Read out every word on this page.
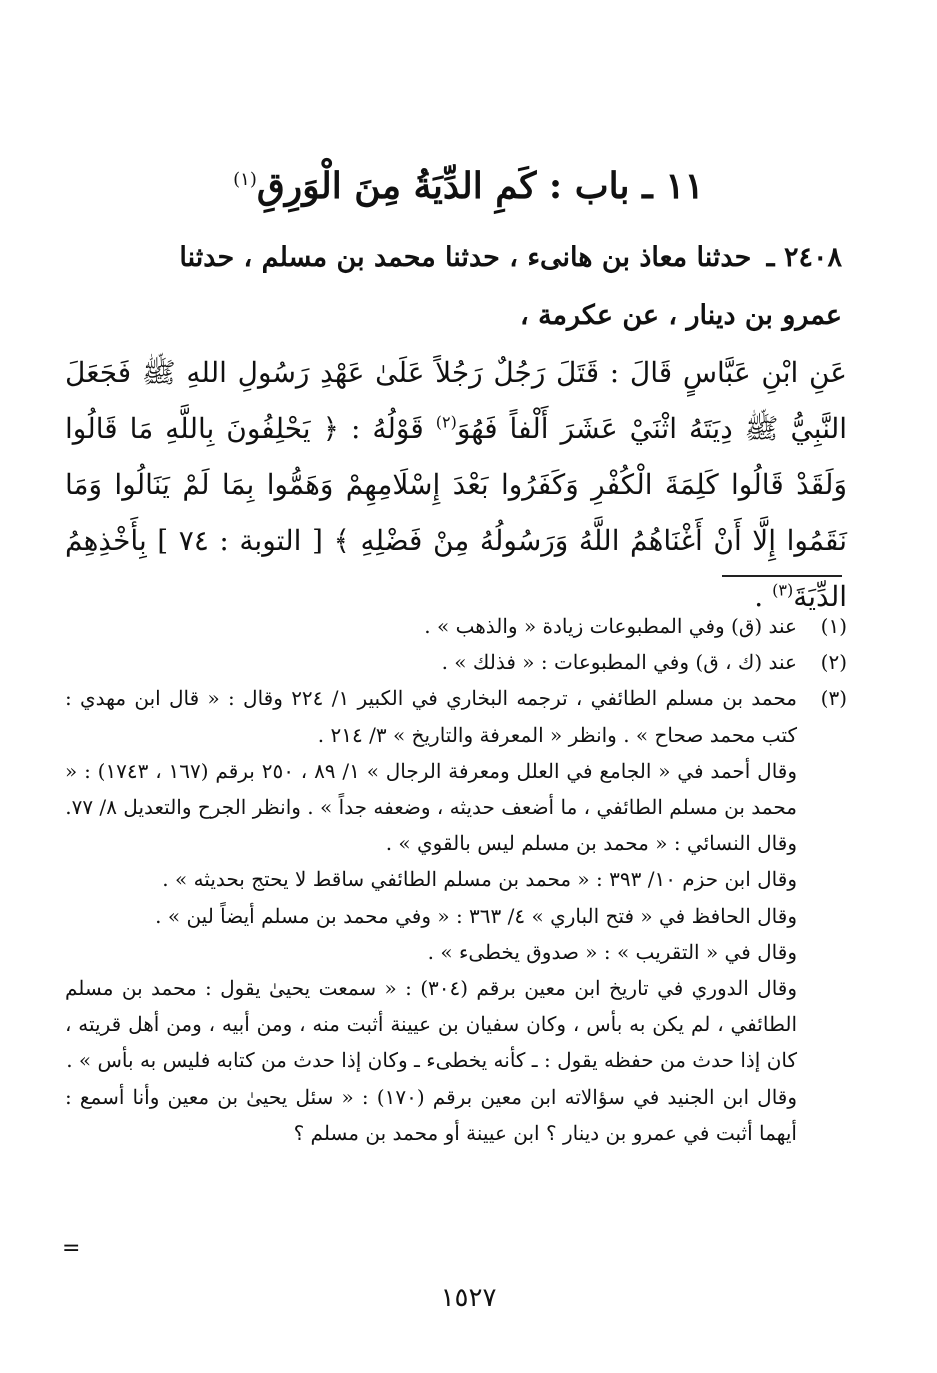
١١ ـ باب : كَمِ الدِّيَةُ مِنَ الْوَرِقِ$^{(١)}$
٢٤٠٨ ـ حدثنا معاذ بن هانىء ، حدثنا محمد بن مسلم ، حدثنا
عمرو بن دينار ، عن عكرمة ،
عَنِ ابْنِ عَبَّاسٍ قَالَ : قَتَلَ رَجُلٌ رَجُلاً عَلَىٰ عَهْدِ رَسُولِ اللهِ ﷺ فَجَعَلَ النَّبِيُّ ﷺ دِيَتَهُ اثْنَيْ عَشَرَ أَلْفاً فَهُوَ$^{(٢)}$ قَوْلُهُ : ﴿ يَحْلِفُونَ بِاللَّهِ مَا قَالُوا وَلَقَدْ قَالُوا كَلِمَةَ الْكُفْرِ وَكَفَرُوا بَعْدَ إِسْلَامِهِمْ وَهَمُّوا بِمَا لَمْ يَنَالُوا وَمَا نَقَمُوا إِلَّا أَنْ أَغْنَاهُمُ اللَّهُ وَرَسُولُهُ مِنْ فَضْلِهِ ﴾ [ التوبة : ٧٤ ] بِأَخْذِهِمُ الدِّيَةَ$^{(٣)}$ .
(١)

عند (ق) وفي المطبوعات زيادة « والذهب » .

(٢)

عند (ك ، ق) وفي المطبوعات : « فذلك » .

(٣)

محمد بن مسلم الطائفي ، ترجمه البخاري في الكبير ١/ ٢٢٤ وقال : « قال ابن مهدي : كتب محمد صحاح » . وانظر « المعرفة والتاريخ » ٣/ ٢١٤ .

وقال أحمد في « الجامع في العلل ومعرفة الرجال » ١/ ٨٩ ، ٢٥٠ برقم (١٦٧ ، ١٧٤٣) : « محمد بن مسلم الطائفي ، ما أضعف حديثه ، وضعفه جداً » . وانظر الجرح والتعديل ٨/ ٧٧.

وقال النسائي : « محمد بن مسلم ليس بالقوي » .

وقال ابن حزم ١٠/ ٣٩٣ : « محمد بن مسلم الطائفي ساقط لا يحتج بحديثه » .

وقال الحافظ في « فتح الباري » ٤/ ٣٦٣ : « وفي محمد بن مسلم أيضاً لين » .

وقال في « التقريب » : « صدوق يخطىء » .

وقال الدوري في تاريخ ابن معين برقم (٣٠٤) : « سمعت يحيىٰ يقول : محمد بن مسلم الطائفي ، لم يكن به بأس ، وكان سفيان بن عيينة أثبت منه ، ومن أبيه ، ومن أهل قريته ، كان إذا حدث من حفظه يقول : ـ كأنه يخطىء ـ وكان إذا حدث من كتابه فليس به بأس » .

وقال ابن الجنيد في سؤالاته ابن معين برقم (١٧٠) : « سئل يحيىٰ بن معين وأنا أسمع : أيهما أثبت في عمرو بن دينار ؟ ابن عيينة أو محمد بن مسلم ؟

=
١٥٢٧
